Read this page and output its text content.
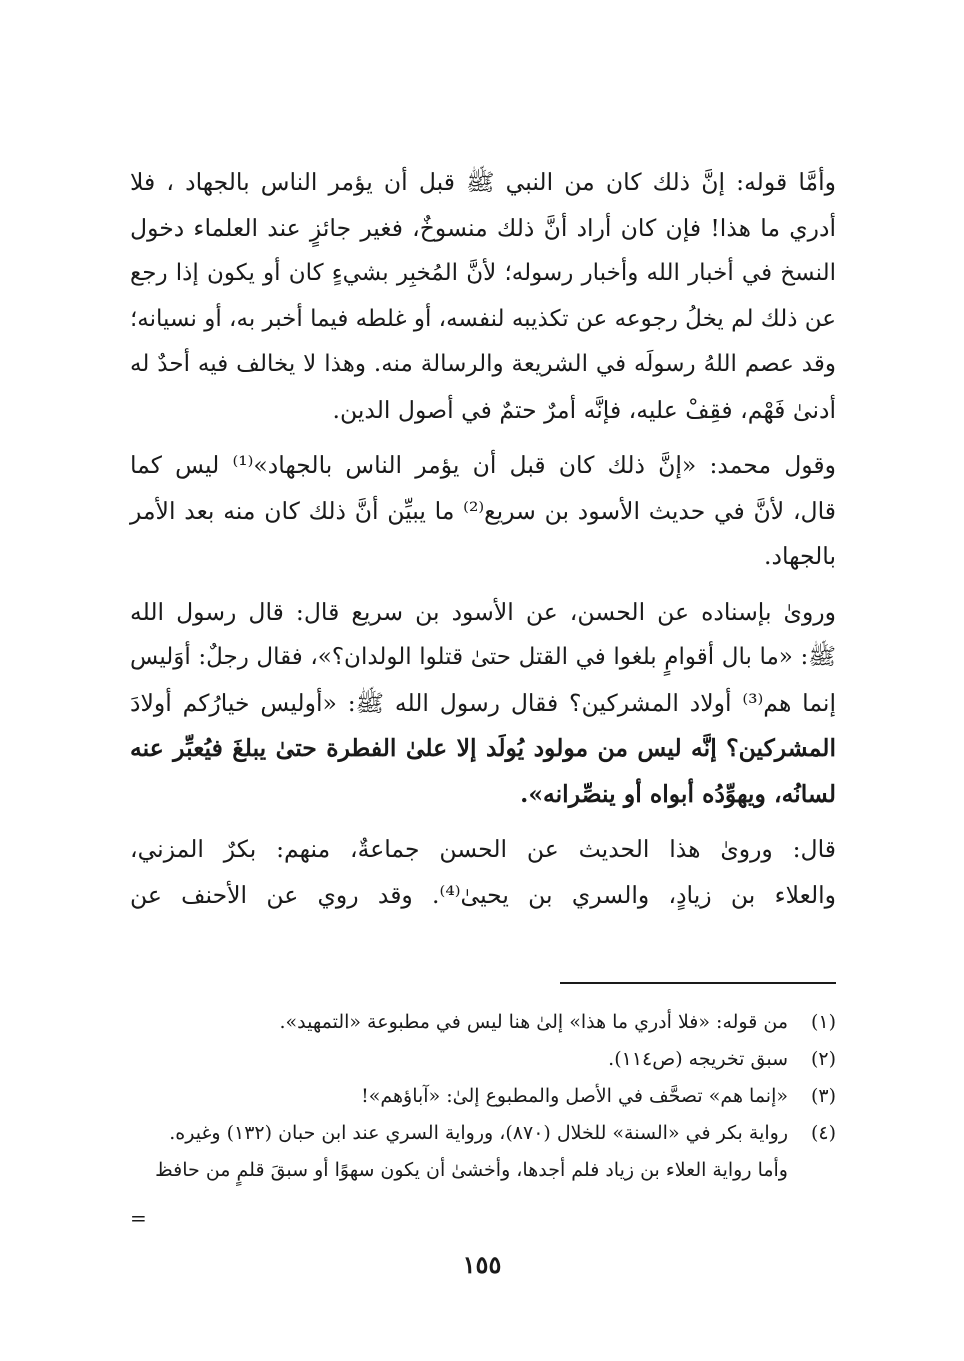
وأمَّا قوله: إنَّ ذلك كان من النبي ﷺ قبل أن يؤمر الناس بالجهاد ، فلا
أدري ما هذا! فإن كان أراد أنَّ ذلك منسوخٌ، فغير جائزٍ عند العلماء دخول
النسخ في أخبار الله وأخبار رسوله؛ لأنَّ المُخبِر بشيءٍ كان أو يكون إذا رجع
عن ذلك لم يخلُ رجوعه عن تكذيبه لنفسه، أو غلطه فيما أخبر به، أو نسيانه؛
وقد عصم اللهُ رسولَه في الشريعة والرسالة منه. وهذا لا يخالف فيه أحدٌ له
أدنىٰ فَهْم، فقِفْ عليه، فإنَّه أمرٌ حتمٌ في أصول الدين.

وقول محمد: «إنَّ ذلك كان قبل أن يؤمر الناس بالجهاد»⁽¹⁾ ليس كما
قال، لأنَّ في حديث الأسود بن سريع⁽²⁾ ما يبيِّن أنَّ ذلك كان منه بعد الأمر
بالجهاد.

وروىٰ بإسناده عن الحسن، عن الأسود بن سريع قال: قال رسول الله
ﷺ: «ما بال أقوامٍ بلغوا في القتل حتىٰ قتلوا الولدان؟»، فقال رجلٌ: أوَليس
إنما هم⁽³⁾ أولاد المشركين؟ فقال رسول الله ﷺ: «أوليس خيارُكم أولادَ
المشركين؟ إنَّه ليس من مولود يُولَد إلا علىٰ الفطرة حتىٰ يبلغَ فيُعبِّر عنه
لسانُه، ويهوِّدُه أبواه أو ينصِّرانه».

قال: وروىٰ هذا الحديث عن الحسن جماعةٌ، منهم: بكرٌ المزني،
والعلاء بن زيادٍ، والسري بن يحيىٰ⁽⁴⁾. وقد روي عن الأحنف عن

(١)
من قوله: «فلا أدري ما هذا» إلىٰ هنا ليس في مطبوعة «التمهيد».
(٢)
سبق تخريجه (ص١١٤).
(٣)
«إنما هم» تصحَّف في الأصل والمطبوع إلىٰ: «آباؤهم»!
(٤)
رواية بكر في «السنة» للخلال (٨٧٠)، ورواية السري عند ابن حبان (١٣٢) وغيره.
وأما رواية العلاء بن زياد فلم أجدها، وأخشىٰ أن يكون سهوًا أو سبقَ قلمٍ من حافظ
=
١٥٥
